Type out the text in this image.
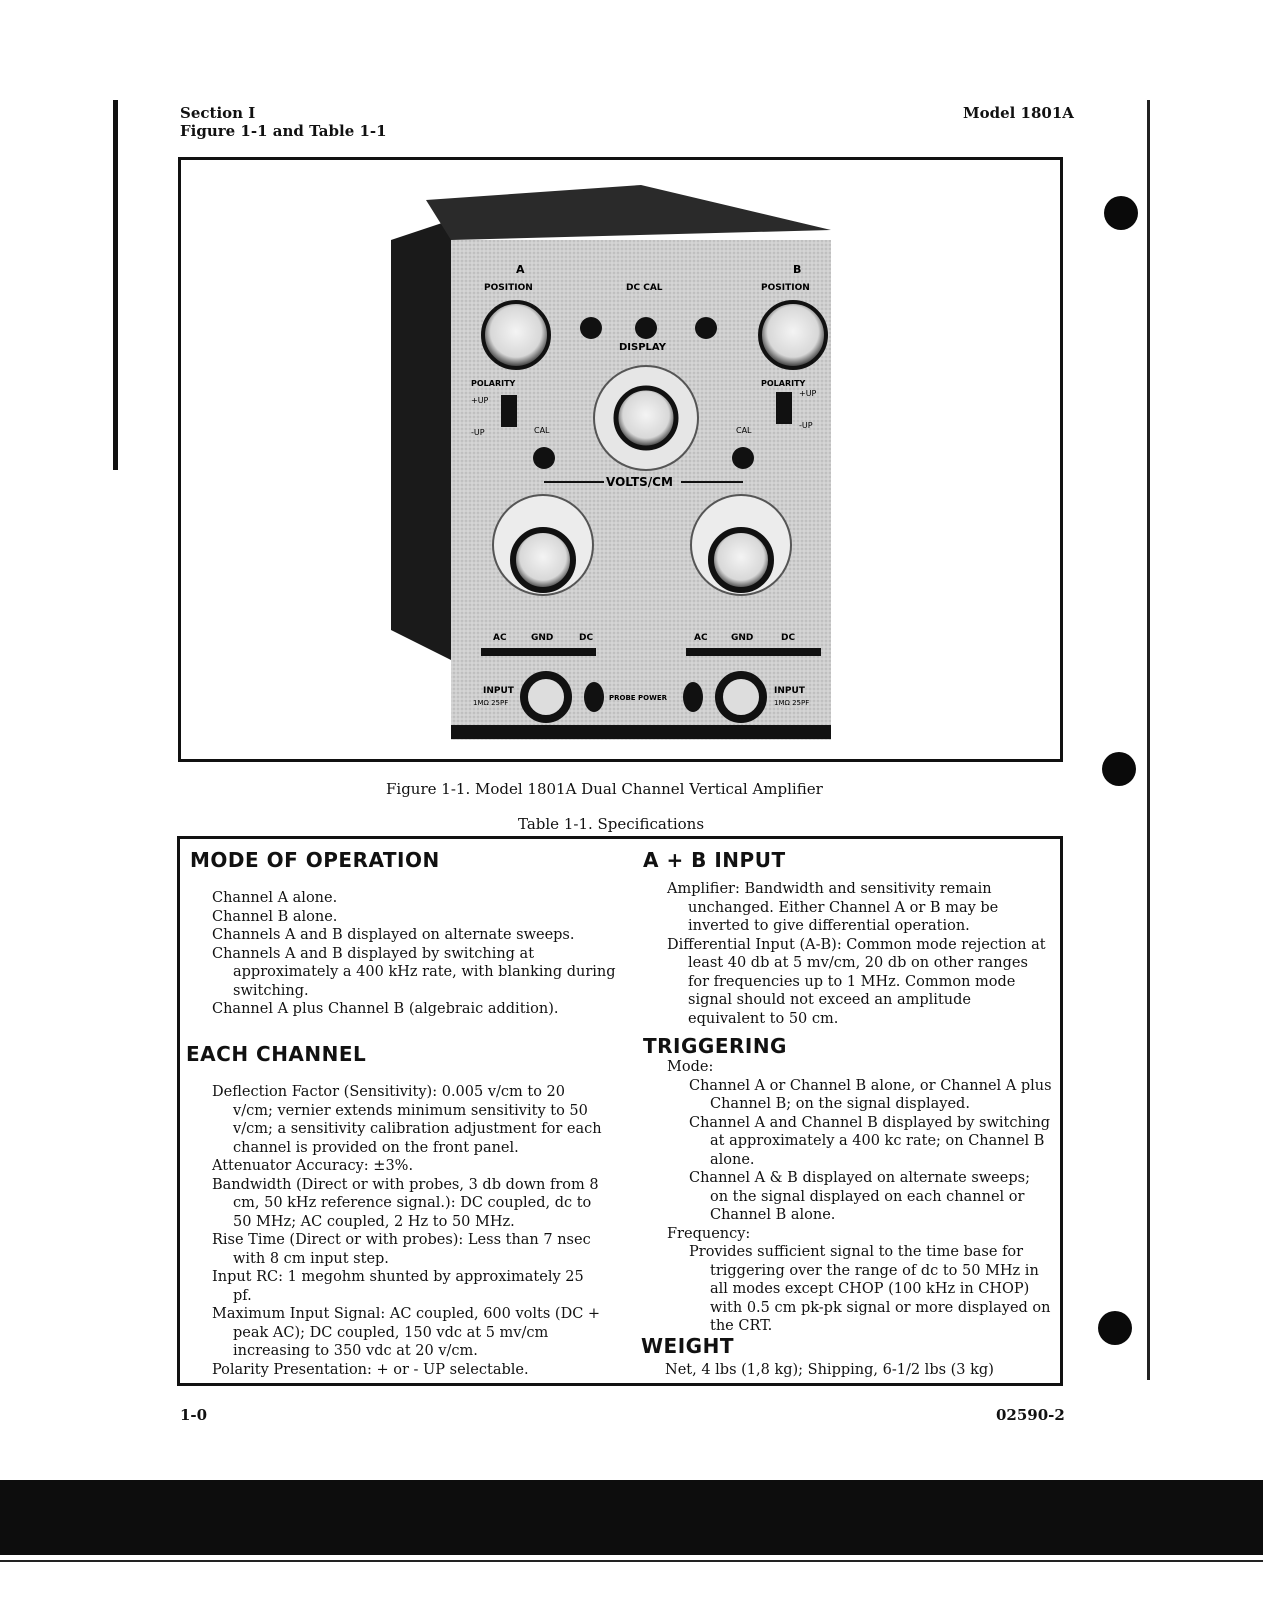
Section I
Figure 1-1 and Table 1-1
Model 1801A
A	B
POSITION	POSITION
DC CAL
DISPLAY
POLARITY	POLARITY
+UP
-UP
+UP
-UP
CAL	CAL
VOLTS/CM
AC	GND	DC	AC	GND	DC
INPUT
1MΩ 25PF
INPUT
1MΩ 25PF
PROBE POWER
Figure 1-1. Model 1801A Dual Channel Vertical Amplifier
Table 1-1. Specifications
MODE OF OPERATION

Channel A alone.

Channel B alone.

Channels A and B displayed on alternate sweeps.

Channels A and B displayed by switching at approximately a 400 kHz rate, with blanking during switching.

Channel A plus Channel B (algebraic addition).

EACH CHANNEL

Deflection Factor (Sensitivity): 0.005 v/cm to 20 v/cm; vernier extends minimum sensitivity to 50 v/cm; a sensitivity calibration adjustment for each channel is provided on the front panel.

Attenuator Accuracy: ±3%.

Bandwidth (Direct or with probes, 3 db down from 8 cm, 50 kHz reference signal.): DC coupled, dc to 50 MHz; AC coupled, 2 Hz to 50 MHz.

Rise Time (Direct or with probes): Less than 7 nsec with 8 cm input step.

Input RC: 1 megohm shunted by approximately 25 pf.

Maximum Input Signal: AC coupled, 600 volts (DC + peak AC); DC coupled, 150 vdc at 5 mv/cm increasing to 350 vdc at 20 v/cm.

Polarity Presentation: + or - UP selectable.

A + B INPUT

Amplifier: Bandwidth and sensitivity remain unchanged. Either Channel A or B may be inverted to give differential operation.

Differential Input (A-B): Common mode rejection at least 40 db at 5 mv/cm, 20 db on other ranges for frequencies up to 1 MHz. Common mode signal should not exceed an amplitude equivalent to 50 cm.

TRIGGERING

Mode:

Channel A or Channel B alone, or Channel A plus Channel B; on the signal displayed.

Channel A and Channel B displayed by switching at approximately a 400 kc rate; on Channel B alone.

Channel A & B displayed on alternate sweeps; on the signal displayed on each channel or Channel B alone.

Frequency:

Provides sufficient signal to the time base for triggering over the range of dc to 50 MHz in all modes except CHOP (100 kHz in CHOP) with 0.5 cm pk-pk signal or more displayed on the CRT.

WEIGHT
Net, 4 lbs (1,8 kg); Shipping, 6-1/2 lbs (3 kg)
1-0	02590-2
